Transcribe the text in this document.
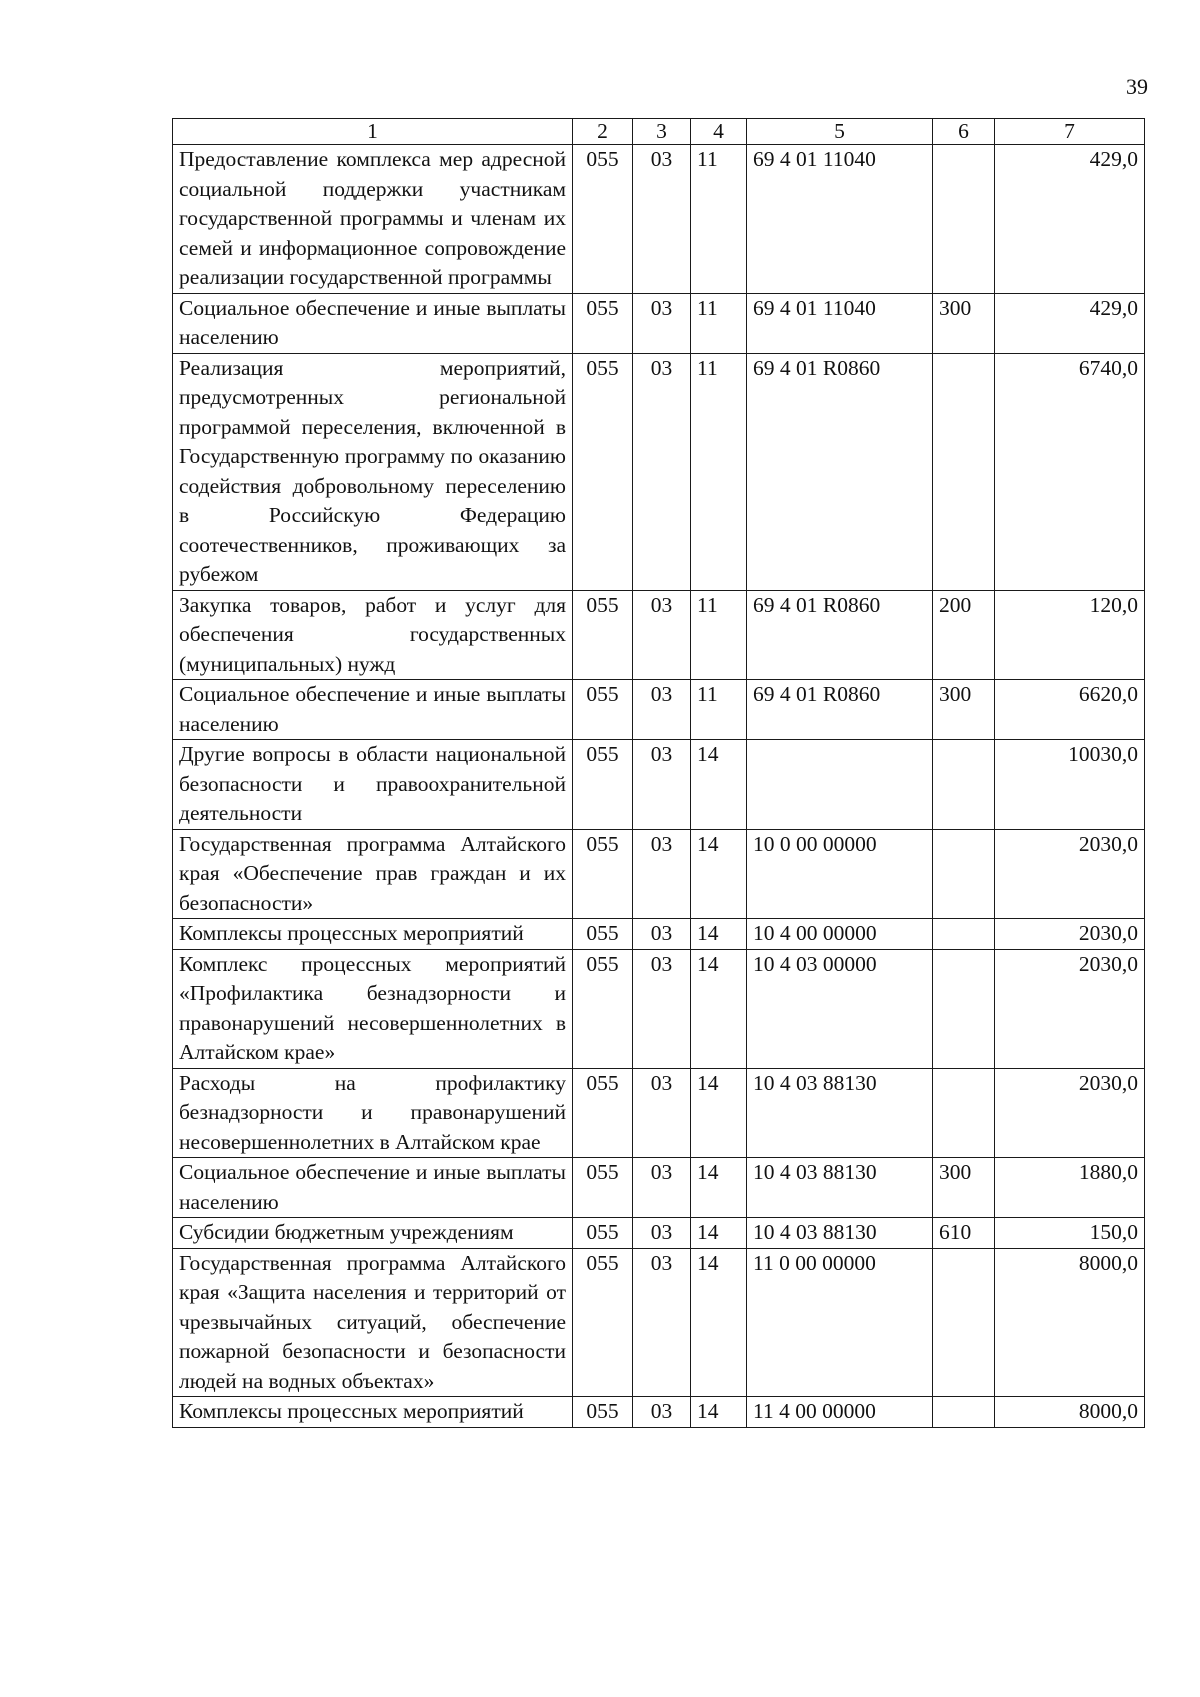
39
1	2	3	4	5	6	7
Предоставление комплекса мер адресной социальной поддержки участникам государственной программы и членам их семей и информационное сопровождение реализации государственной программы	055	03	11	69 4 01 11040		429,0
Социальное обеспечение и иные выплаты населению	055	03	11	69 4 01 11040	300	429,0
Реализация мероприятий, предусмотренных региональной программой переселения, включенной в Государственную программу по оказанию содействия добровольному переселению в Российскую Федерацию соотечественников, проживающих за рубежом	055	03	11	69 4 01 R0860		6740,0
Закупка товаров, работ и услуг для обеспечения государственных (муниципальных) нужд	055	03	11	69 4 01 R0860	200	120,0
Социальное обеспечение и иные выплаты населению	055	03	11	69 4 01 R0860	300	6620,0
Другие вопросы в области национальной безопасности и правоохранительной деятельности	055	03	14			10030,0
Государственная программа Алтайского края «Обеспечение прав граждан и их безопасности»	055	03	14	10 0 00 00000		2030,0
Комплексы процессных мероприятий	055	03	14	10 4 00 00000		2030,0
Комплекс процессных мероприятий «Профилактика безнадзорности и правонарушений несовершеннолетних в Алтайском крае»	055	03	14	10 4 03 00000		2030,0
Расходы на профилактику безнадзорности и правонарушений несовершеннолетних в Алтайском крае	055	03	14	10 4 03 88130		2030,0
Социальное обеспечение и иные выплаты населению	055	03	14	10 4 03 88130	300	1880,0
Субсидии бюджетным учреждениям	055	03	14	10 4 03 88130	610	150,0
Государственная программа Алтайского края «Защита населения и территорий от чрезвычайных ситуаций, обеспечение пожарной безопасности и безопасности людей на водных объектах»	055	03	14	11 0 00 00000		8000,0
Комплексы процессных мероприятий	055	03	14	11 4 00 00000		8000,0
